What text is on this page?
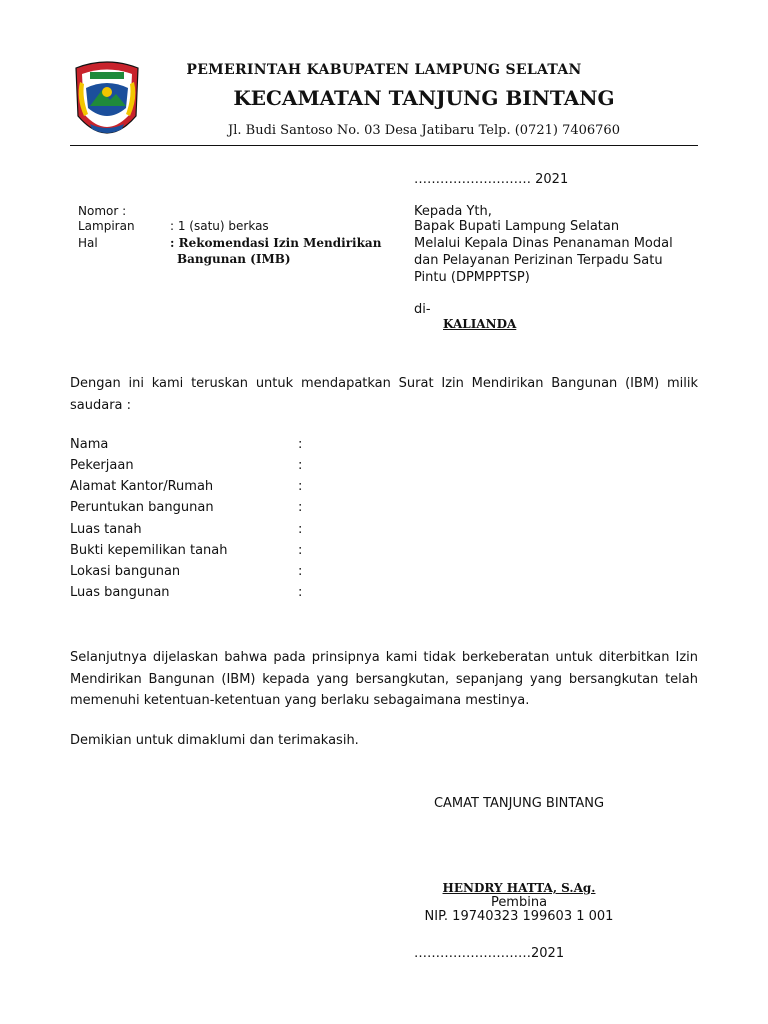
PEMERINTAH KABUPATEN LAMPUNG SELATAN
KECAMATAN TANJUNG BINTANG
Jl. Budi Santoso No. 03 Desa Jatibaru Telp. (0721) 7406760
……………………… 2021
Nomor :
Lampiran	: 1 (satu) berkas
Hal	: Rekomendasi Izin Mendirikan
Bangunan (IMB)
Kepada Yth,
Bapak Bupati Lampung Selatan
Melalui Kepala Dinas Penanaman Modal
dan Pelayanan Perizinan Terpadu Satu
Pintu (DPMPPTSP)
di-
KALIANDA
Dengan ini kami teruskan untuk mendapatkan Surat Izin Mendirikan Bangunan (IBM) milik saudara :
Nama	:
Pekerjaan	:
Alamat Kantor/Rumah	:
Peruntukan bangunan	:
Luas tanah	:
Bukti kepemilikan tanah	:
Lokasi bangunan	:
Luas bangunan	:
Selanjutnya dijelaskan bahwa pada prinsipnya kami tidak berkeberatan untuk diterbitkan Izin Mendirikan Bangunan (IBM) kepada yang bersangkutan, sepanjang yang bersangkutan telah memenuhi ketentuan-ketentuan yang berlaku sebagaimana mestinya.
Demikian untuk dimaklumi dan terimakasih.
CAMAT TANJUNG BINTANG
HENDRY HATTA, S.Ag.
Pembina
NIP. 19740323 199603 1 001
………………………2021
